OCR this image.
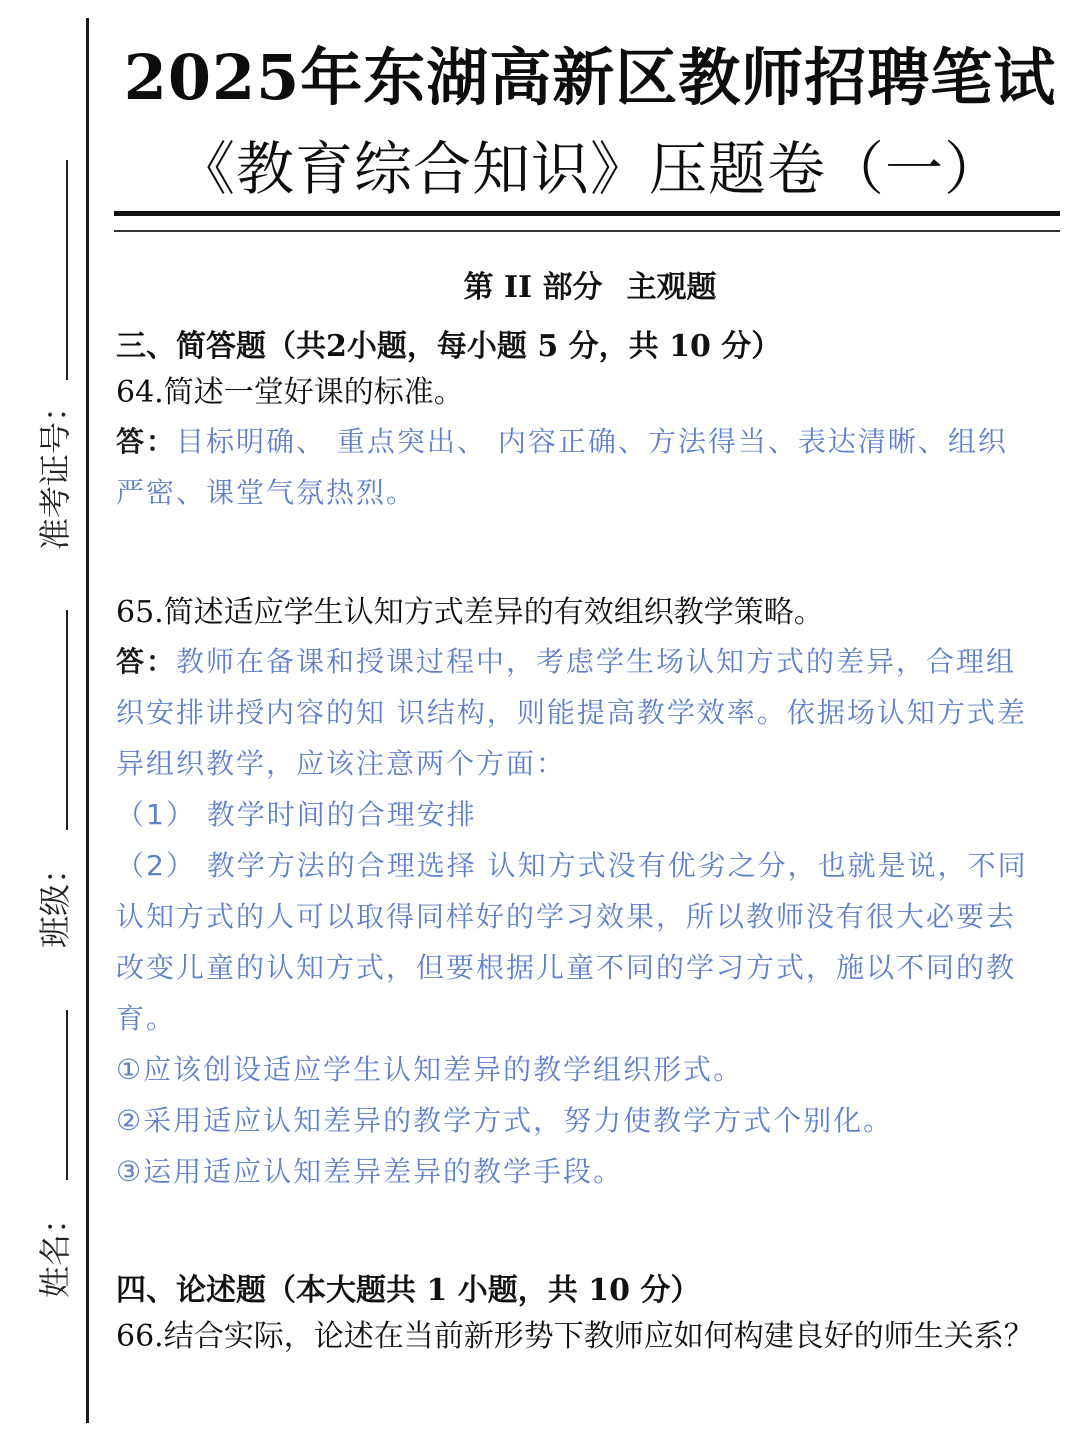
准考证号：
班级：
姓名：
2025年东湖高新区教师招聘笔试
《教育综合知识》压题卷（一）
第 II 部分 主观题
三、简答题（共2小题，每小题 5 分，共 10 分）
64.简述一堂好课的标准。
答：目标明确、 重点突出、 内容正确、方法得当、表达清晰、组织严密、课堂气氛热烈。
65.简述适应学生认知方式差异的有效组织教学策略。
答：教师在备课和授课过程中，考虑学生场认知方式的差异，合理组织安排讲授内容的知 识结构，则能提高教学效率。依据场认知方式差异组织教学，应该注意两个方面：
（1） 教学时间的合理安排
（2） 教学方法的合理选择 认知方式没有优劣之分，也就是说，不同认知方式的人可以取得同样好的学习效果，所以教师没有很大必要去改变儿童的认知方式，但要根据儿童不同的学习方式，施以不同的教育。
①应该创设适应学生认知差异的教学组织形式。
②采用适应认知差异的教学方式，努力使教学方式个别化。
③运用适应认知差异差异的教学手段。
四、论述题（本大题共 1 小题，共 10 分）
66.结合实际，论述在当前新形势下教师应如何构建良好的师生关系？
